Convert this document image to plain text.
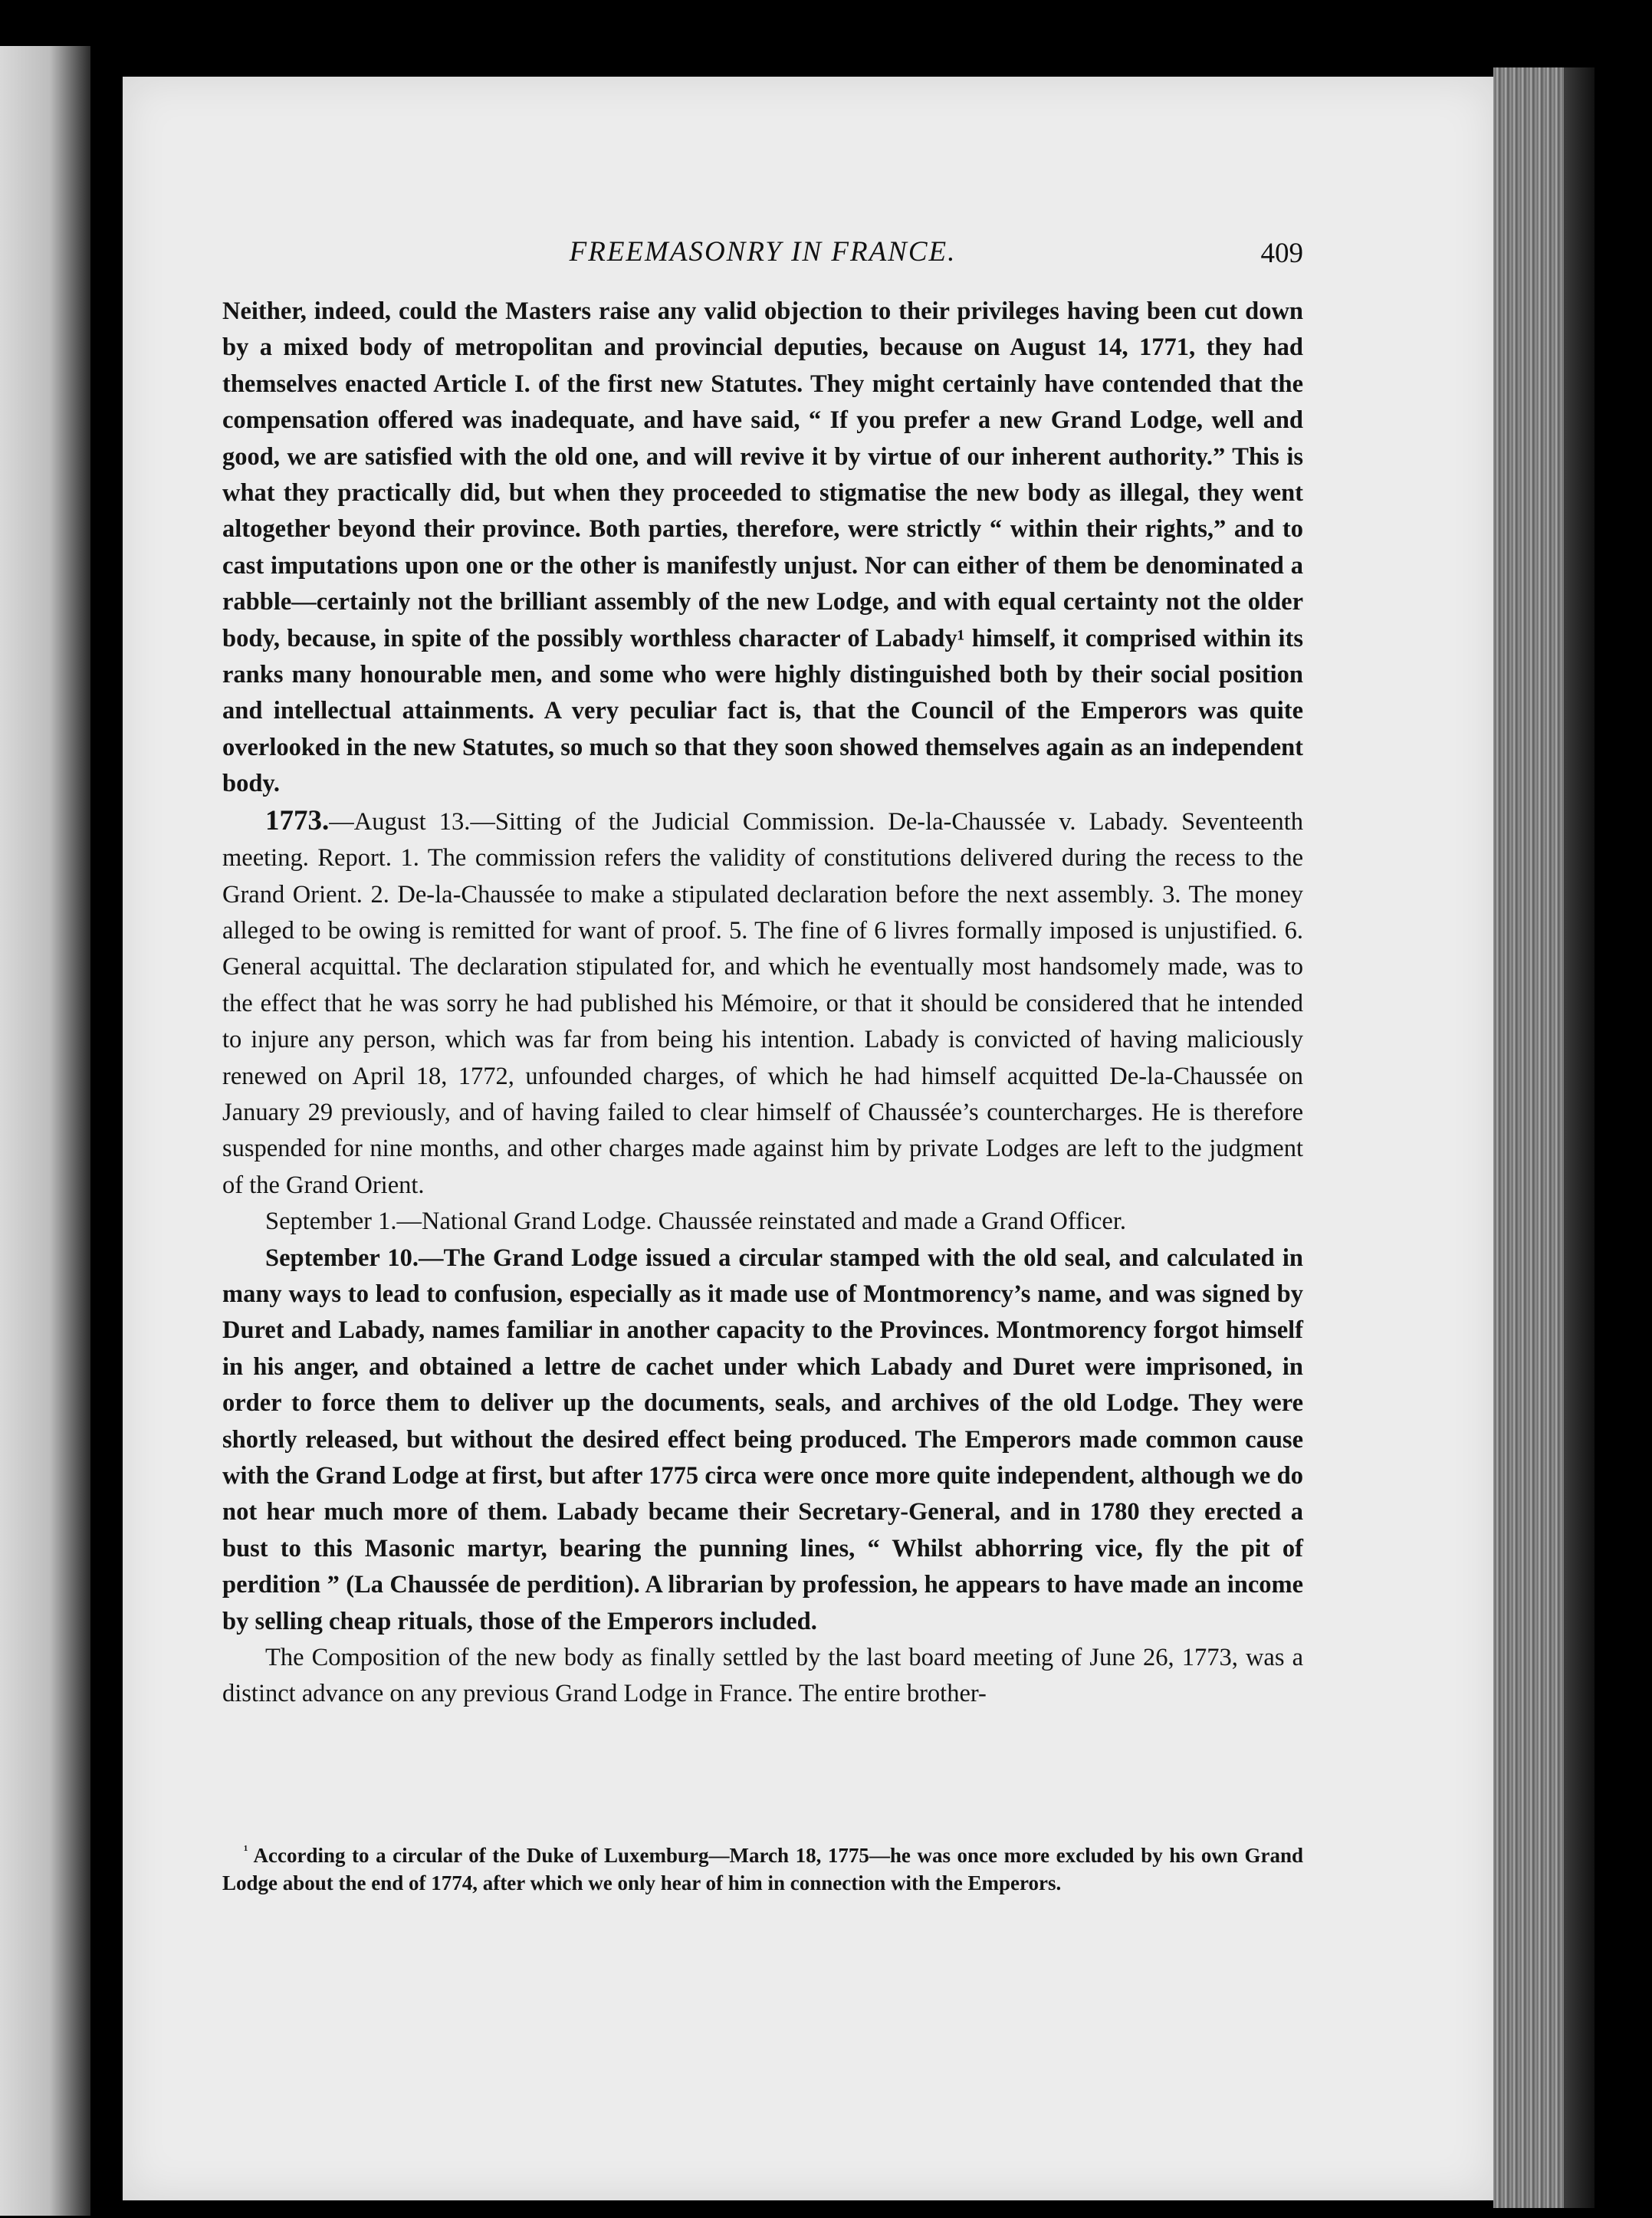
FREEMASONRY IN FRANCE.	409

Neither, indeed, could the Masters raise any valid objection to their privileges having been cut down by a mixed body of metropolitan and provincial deputies, because on August 14, 1771, they had themselves enacted Article I. of the first new Statutes. They might certainly have contended that the compensation offered was inadequate, and have said, “ If you prefer a new Grand Lodge, well and good, we are satisfied with the old one, and will revive it by virtue of our inherent authority.” This is what they practically did, but when they proceeded to stigmatise the new body as illegal, they went altogether beyond their province. Both parties, therefore, were strictly “ within their rights,” and to cast imputations upon one or the other is manifestly unjust. Nor can either of them be denominated a rabble—certainly not the brilliant assembly of the new Lodge, and with equal certainty not the older body, because, in spite of the possibly worthless character of Labady¹ himself, it comprised within its ranks many honourable men, and some who were highly distinguished both by their social position and intellectual attainments. A very peculiar fact is, that the Council of the Emperors was quite overlooked in the new Statutes, so much so that they soon showed themselves again as an independent body.

1773.—August 13.—Sitting of the Judicial Commission. De-la-Chaussée v. Labady. Seventeenth meeting. Report. 1. The commission refers the validity of constitutions delivered during the recess to the Grand Orient. 2. De-la-Chaussée to make a stipulated declaration before the next assembly. 3. The money alleged to be owing is remitted for want of proof. 5. The fine of 6 livres formally imposed is unjustified. 6. General acquittal. The declaration stipulated for, and which he eventually most handsomely made, was to the effect that he was sorry he had published his Mémoire, or that it should be considered that he intended to injure any person, which was far from being his intention. Labady is convicted of having maliciously renewed on April 18, 1772, unfounded charges, of which he had himself acquitted De-la-Chaussée on January 29 previously, and of having failed to clear himself of Chaussée’s countercharges. He is therefore suspended for nine months, and other charges made against him by private Lodges are left to the judgment of the Grand Orient.

September 1.—National Grand Lodge. Chaussée reinstated and made a Grand Officer.

September 10.—The Grand Lodge issued a circular stamped with the old seal, and calculated in many ways to lead to confusion, especially as it made use of Montmorency’s name, and was signed by Duret and Labady, names familiar in another capacity to the Provinces. Montmorency forgot himself in his anger, and obtained a lettre de cachet under which Labady and Duret were imprisoned, in order to force them to deliver up the documents, seals, and archives of the old Lodge. They were shortly released, but without the desired effect being produced. The Emperors made common cause with the Grand Lodge at first, but after 1775 circa were once more quite independent, although we do not hear much more of them. Labady became their Secretary-General, and in 1780 they erected a bust to this Masonic martyr, bearing the punning lines, “ Whilst abhorring vice, fly the pit of perdition ” (La Chaussée de perdition). A librarian by profession, he appears to have made an income by selling cheap rituals, those of the Emperors included.

The Composition of the new body as finally settled by the last board meeting of June 26, 1773, was a distinct advance on any previous Grand Lodge in France. The entire brother-

$^{^1}$ According to a circular of the Duke of Luxemburg—March 18, 1775—he was once more excluded by his own Grand Lodge about the end of 1774, after which we only hear of him in connection with the Emperors.
